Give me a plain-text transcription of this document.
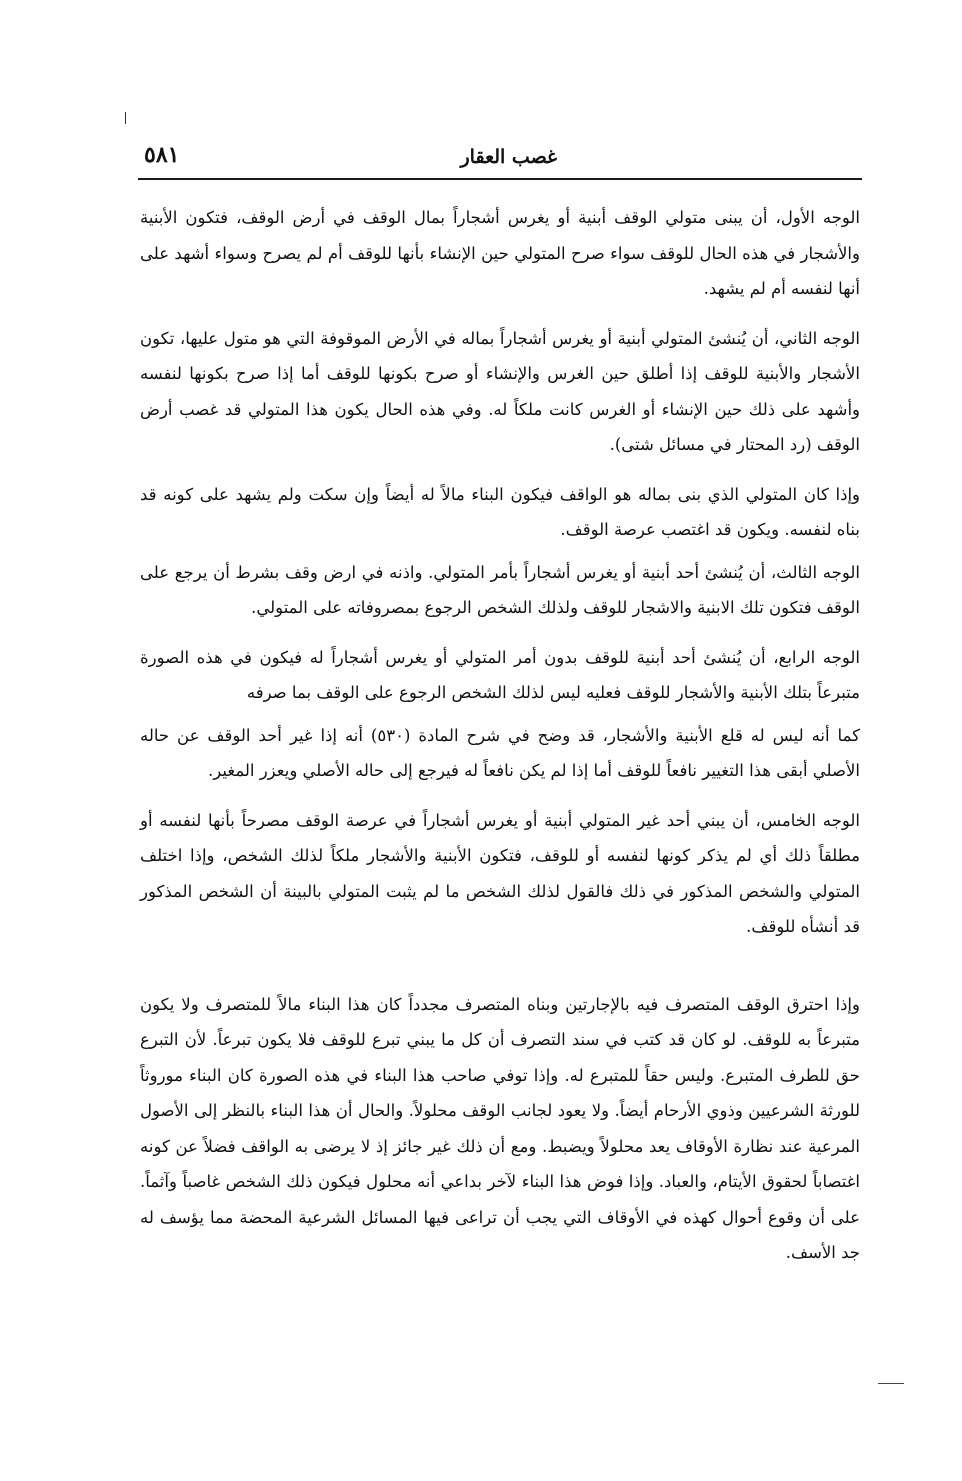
غصب العقار
٥٨١

الوجه الأول، أن يبنى متولي الوقف أبنية أو يغرس أشجاراً بمال الوقف في أرض الوقف، فتكون الأبنية والأشجار في هذه الحال للوقف سواء صرح المتولي حين الإنشاء بأنها للوقف أم لم يصرح وسواء أشهد على أنها لنفسه أم لم يشهد.

الوجه الثاني، أن يُنشئ المتولي أبنية أو يغرس أشجاراً بماله في الأرض الموقوفة التي هو متول عليها، تكون الأشجار والأبنية للوقف إذا أطلق حين الغرس والإنشاء أو صرح بكونها للوقف أما إذا صرح بكونها لنفسه وأشهد على ذلك حين الإنشاء أو الغرس كانت ملكاً له. وفي هذه الحال يكون هذا المتولي قد غصب أرض الوقف (رد المحتار في مسائل شتى).

وإذا كان المتولي الذي بنى بماله هو الواقف فيكون البناء مالاً له أيضاً وإن سكت ولم يشهد على كونه قد بناه لنفسه. ويكون قد اغتصب عرصة الوقف.

الوجه الثالث، أن يُنشئ أحد أبنية أو يغرس أشجاراً بأمر المتولي. واذنه في ارض وقف بشرط أن يرجع على الوقف فتكون تلك الابنية والاشجار للوقف ولذلك الشخص الرجوع بمصروفاته على المتولي.

الوجه الرابع، أن يُنشئ أحد أبنية للوقف بدون أمر المتولي أو يغرس أشجاراً له فيكون في هذه الصورة متبرعاً بتلك الأبنية والأشجار للوقف فعليه ليس لذلك الشخص الرجوع على الوقف بما صرفه

كما أنه ليس له قلع الأبنية والأشجار، قد وضح في شرح المادة (٥٣٠) أنه إذا غير أحد الوقف عن حاله الأصلي أبقى هذا التغيير نافعاً للوقف أما إذا لم يكن نافعاً له فيرجع إلى حاله الأصلي ويعزر المغير.

الوجه الخامس، أن يبني أحد غير المتولي أبنية أو يغرس أشجاراً في عرصة الوقف مصرحاً بأنها لنفسه أو مطلقاً ذلك أي لم يذكر كونها لنفسه أو للوقف، فتكون الأبنية والأشجار ملكاً لذلك الشخص، وإذا اختلف المتولي والشخص المذكور في ذلك فالقول لذلك الشخص ما لم يثبت المتولي بالبينة أن الشخص المذكور قد أنشأه للوقف.

وإذا احترق الوقف المتصرف فيه بالإجارتين وبناه المتصرف مجدداً كان هذا البناء مالاً للمتصرف ولا يكون متبرعاً به للوقف. لو كان قد كتب في سند التصرف أن كل ما يبني تبرع للوقف فلا يكون تبرعاً. لأن التبرع حق للطرف المتبرع. وليس حقاً للمتبرع له. وإذا توفي صاحب هذا البناء في هذه الصورة كان البناء موروثاً للورثة الشرعيين وذوي الأرحام أيضاً. ولا يعود لجانب الوقف محلولاً. والحال أن هذا البناء بالنظر إلى الأصول المرعية عند نظارة الأوقاف يعد محلولاً ويضبط. ومع أن ذلك غير جائز إذ لا يرضى به الواقف فضلاً عن كونه اغتصاباً لحقوق الأيتام، والعباد. وإذا فوض هذا البناء لآخر بداعي أنه محلول فيكون ذلك الشخص غاصباً وآثماً. على أن وقوع أحوال كهذه في الأوقاف التي يجب أن تراعى فيها المسائل الشرعية المحضة مما يؤسف له جد الأسف.
